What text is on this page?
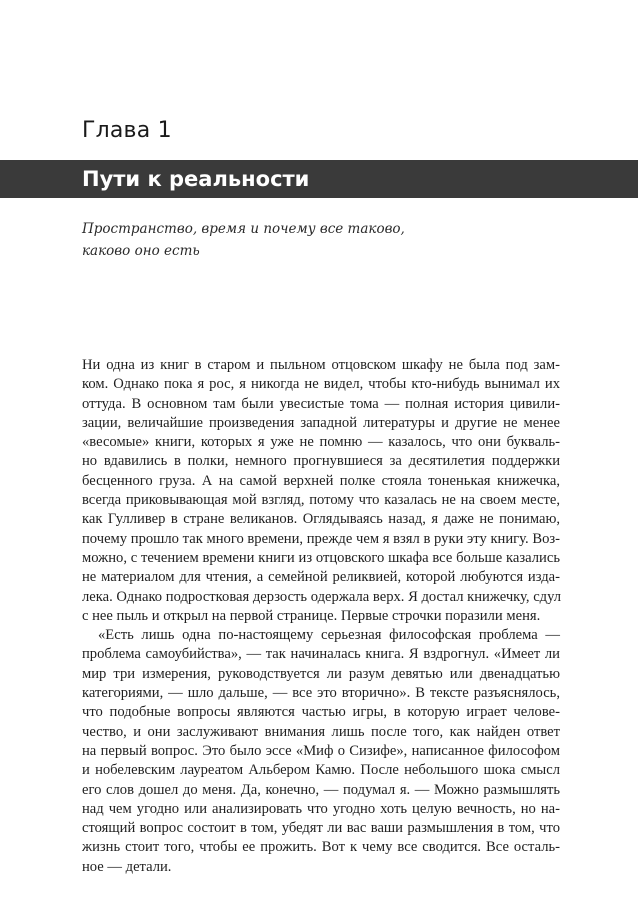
Глава 1
Пути к реальности

Пространство, время и почему все таково,
каково оно есть

Ни одна из книг в старом и пыльном отцовском шкафу не была под зам-
ком. Однако пока я рос, я никогда не видел, чтобы кто-нибудь вынимал их
оттуда. В основном там были увесистые тома — полная история цивили-
зации, величайшие произведения западной литературы и другие не менее
«весомые» книги, которых я уже не помню — казалось, что они букваль-
но вдавились в полки, немного прогнувшиеся за десятилетия поддержки
бесценного груза. А на самой верхней полке стояла тоненькая книжечка,
всегда приковывающая мой взгляд, потому что казалась не на своем месте,
как Гулливер в стране великанов. Оглядываясь назад, я даже не понимаю,
почему прошло так много времени, прежде чем я взял в руки эту книгу. Воз-
можно, с течением времени книги из отцовского шкафа все больше казались
не материалом для чтения, а семейной реликвией, которой любуются изда-
лека. Однако подростковая дерзость одержала верх. Я достал книжечку, сдул
с нее пыль и открыл на первой странице. Первые строчки поразили меня.
«Есть лишь одна по-настоящему серьезная философская проблема —
проблема самоубийства», — так начиналась книга. Я вздрогнул. «Имеет ли
мир три измерения, руководствуется ли разум девятью или двенадцатью
категориями, — шло дальше, — все это вторично». В тексте разъяснялось,
что подобные вопросы являются частью игры, в которую играет челове-
чество, и они заслуживают внимания лишь после того, как найден ответ
на первый вопрос. Это было эссе «Миф о Сизифе», написанное философом
и нобелевским лауреатом Альбером Камю. После небольшого шока смысл
его слов дошел до меня. Да, конечно, — подумал я. — Можно размышлять
над чем угодно или анализировать что угодно хоть целую вечность, но на-
стоящий вопрос состоит в том, убедят ли вас ваши размышления в том, что
жизнь стоит того, чтобы ее прожить. Вот к чему все сводится. Все осталь-
ное — детали.
